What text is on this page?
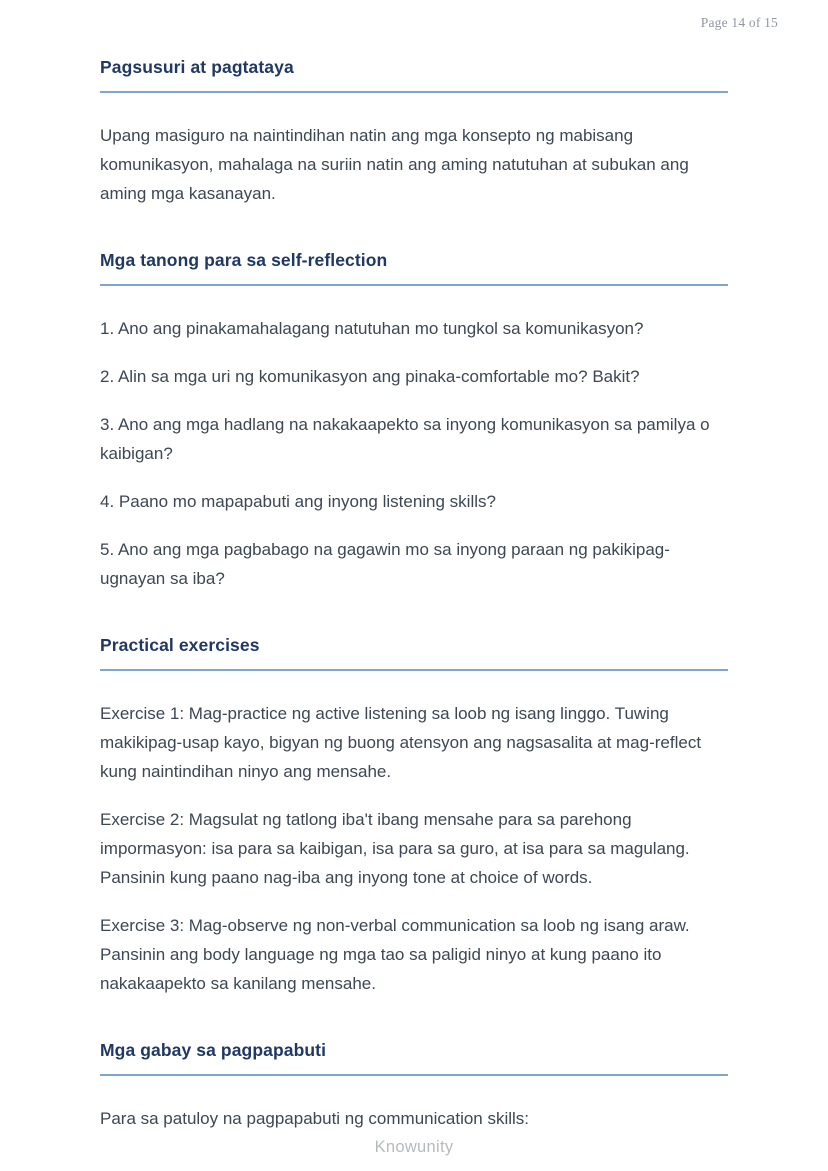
Page 14 of 15
Pagsusuri at pagtataya

Upang masiguro na naintindihan natin ang mga konsepto ng mabisang komunikasyon, mahalaga na suriin natin ang aming natutuhan at subukan ang aming mga kasanayan.

Mga tanong para sa self-reflection

1. Ano ang pinakamahalagang natutuhan mo tungkol sa komunikasyon?

2. Alin sa mga uri ng komunikasyon ang pinaka-comfortable mo? Bakit?

3. Ano ang mga hadlang na nakakaapekto sa inyong komunikasyon sa pamilya o kaibigan?

4. Paano mo mapapabuti ang inyong listening skills?

5. Ano ang mga pagbabago na gagawin mo sa inyong paraan ng pakikipag-ugnayan sa iba?

Practical exercises

Exercise 1: Mag-practice ng active listening sa loob ng isang linggo. Tuwing makikipag-usap kayo, bigyan ng buong atensyon ang nagsasalita at mag-reflect kung naintindihan ninyo ang mensahe.

Exercise 2: Magsulat ng tatlong iba't ibang mensahe para sa parehong impormasyon: isa para sa kaibigan, isa para sa guro, at isa para sa magulang. Pansinin kung paano nag-iba ang inyong tone at choice of words.

Exercise 3: Mag-observe ng non-verbal communication sa loob ng isang araw. Pansinin ang body language ng mga tao sa paligid ninyo at kung paano ito nakakaapekto sa kanilang mensahe.

Mga gabay sa pagpapabuti

Para sa patuloy na pagpapabuti ng communication skills:

Knowunity
